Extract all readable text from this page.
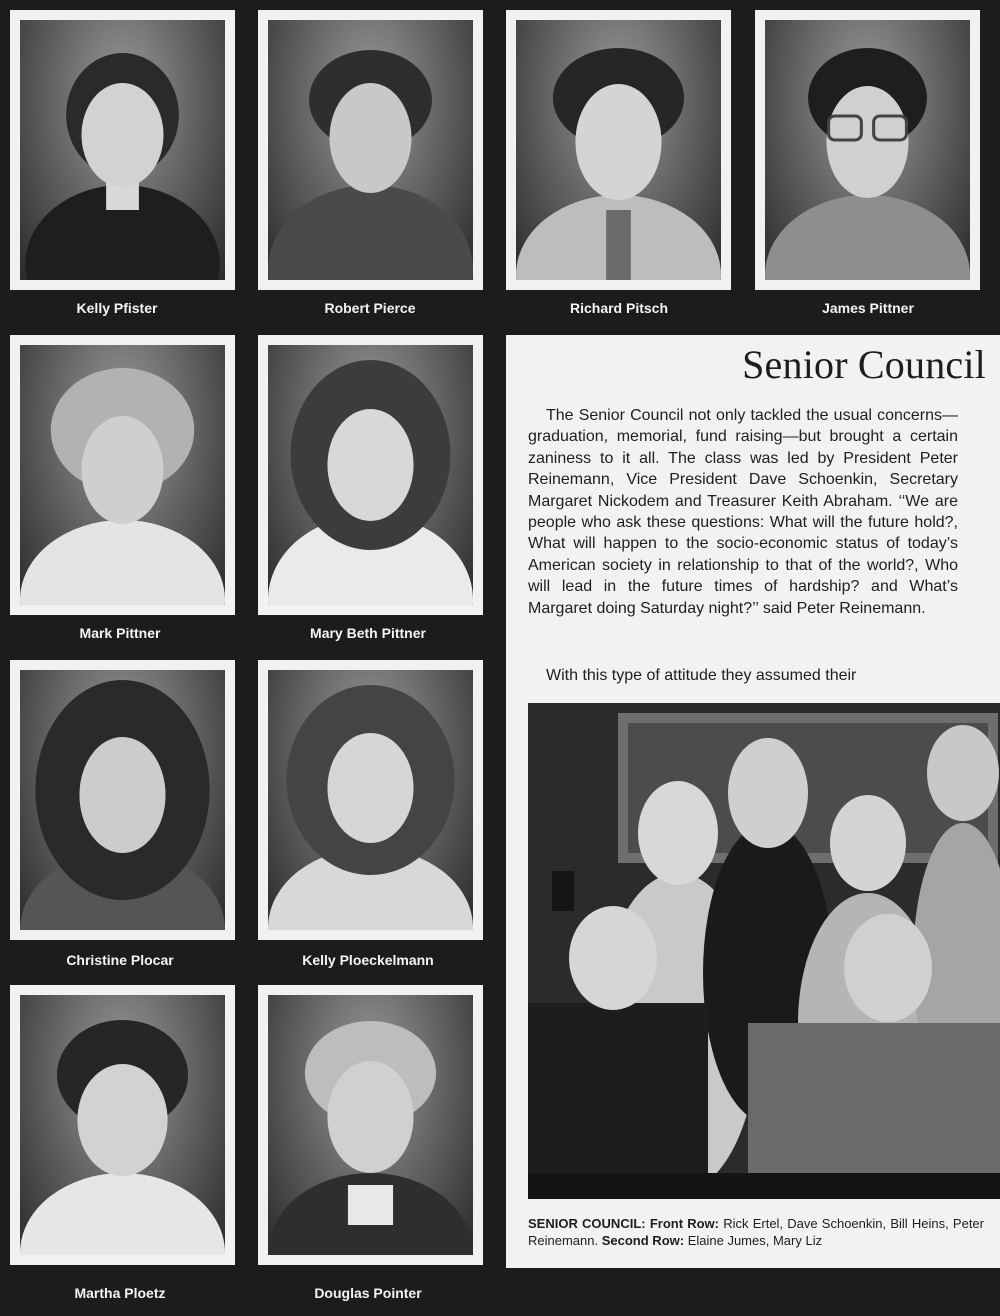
Kelly Pfister	Robert Pierce	Richard Pitsch	James Pittner
Mark Pittner	Mary Beth Pittner
Christine Plocar	Kelly Ploeckelmann
Martha Ploetz	Douglas Pointer
Senior Council

The Senior Council not only tackled the usual concerns—graduation, memorial, fund raising—but brought a certain zaniness to it all. The class was led by President Peter Reinemann, Vice President Dave Schoenkin, Secretary Margaret Nickodem and Treasurer Keith Abraham. ‘‘We are people who ask these questions: What will the future hold?, What will happen to the socio-economic status of today’s American society in relationship to that of the world?, Who will lead in the future times of hardship? and What’s Margaret doing Saturday night?’’ said Peter Reinemann.

With this type of attitude they assumed their

SENIOR COUNCIL: Front Row: Rick Ertel, Dave Schoenkin, Bill Heins, Peter Reinemann. Second Row: Elaine Jumes, Mary Liz
